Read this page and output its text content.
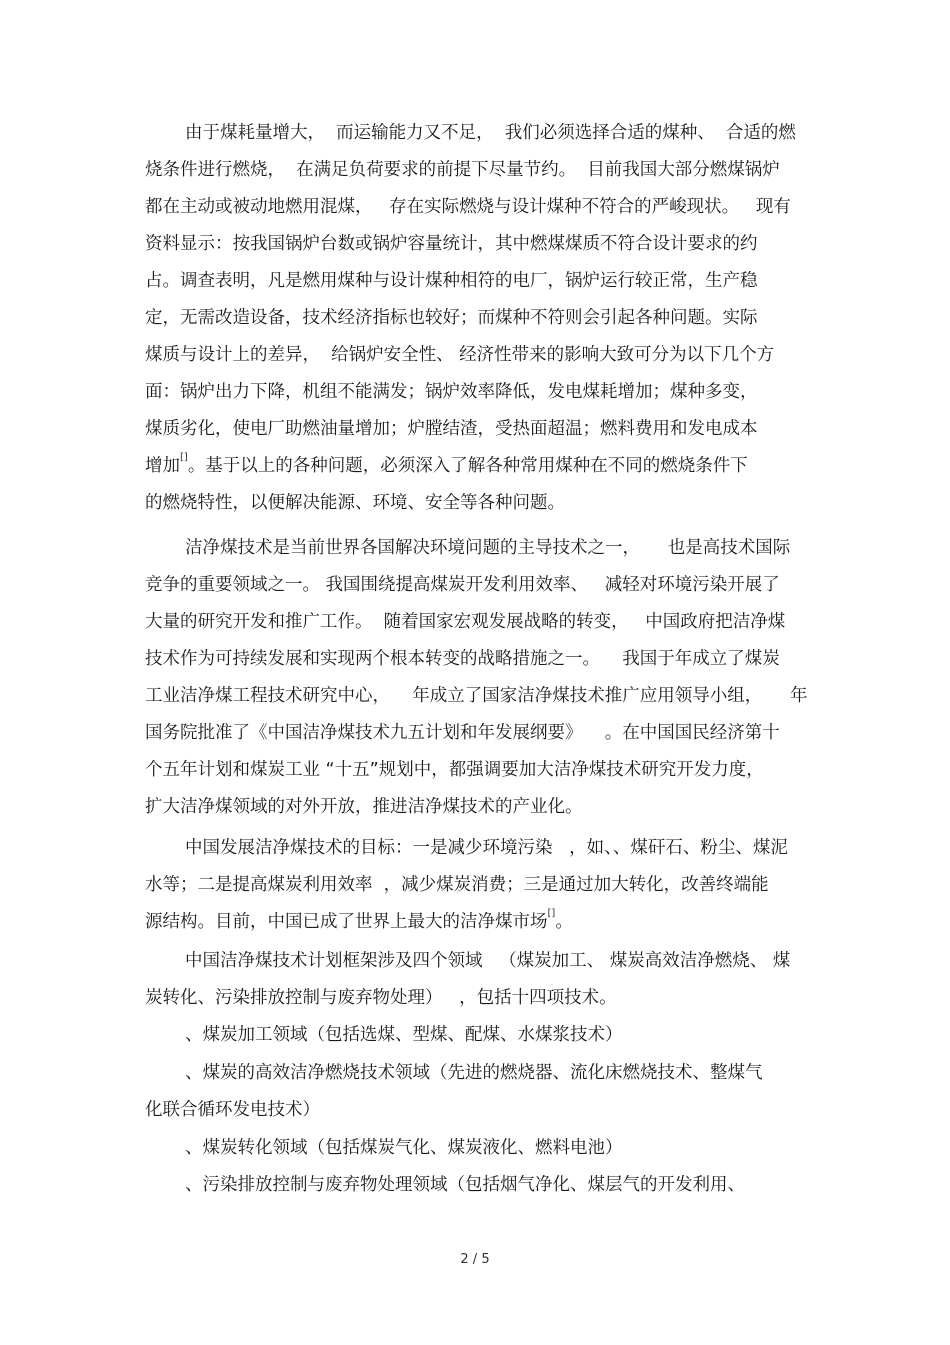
由于煤耗量增大，  而运输能力又不足，  我们必须选择合适的煤种、  合适的燃
烧条件进行燃烧，  在满足负荷要求的前提下尽量节约。  目前我国大部分燃煤锅炉
都在主动或被动地燃用混煤，   存在实际燃烧与设计煤种不符合的严峻现状。   现有
资料显示：按我国锅炉台数或锅炉容量统计，其中燃煤煤质不符合设计要求的约
占。调查表明，凡是燃用煤种与设计煤种相符的电厂，锅炉运行较正常，生产稳
定，无需改造设备，技术经济指标也较好；而煤种不符则会引起各种问题。实际
煤质与设计上的差异，  给锅炉安全性、 经济性带来的影响大致可分为以下几个方
面：锅炉出力下降，机组不能满发；锅炉效率降低，发电煤耗增加；煤种多变，
煤质劣化，使电厂助燃油量增加；炉膛结渣，受热面超温；燃料费用和发电成本
增加[]。基于以上的各种问题，必须深入了解各种常用煤种在不同的燃烧条件下
的燃烧特性，以便解决能源、环境、安全等各种问题。
洁净煤技术是当前世界各国解决环境问题的主导技术之一，     也是高技术国际
竞争的重要领域之一。 我国围绕提高煤炭开发利用效率、   减轻对环境污染开展了
大量的研究开发和推广工作。  随着国家宏观发展战略的转变，   中国政府把洁净煤
技术作为可持续发展和实现两个根本转变的战略措施之一。    我国于年成立了煤炭
工业洁净煤工程技术研究中心，    年成立了国家洁净煤技术推广应用领导小组，     年
国务院批准了《中国洁净煤技术九五计划和年发展纲要》    。在中国国民经济第十
个五年计划和煤炭工业 “十五”规划中，都强调要加大洁净煤技术研究开发力度，
扩大洁净煤领域的对外开放，推进洁净煤技术的产业化。
中国发展洁净煤技术的目标：一是减少环境污染   ，如、、煤矸石、粉尘、煤泥
水等；二是提高煤炭利用效率  ，减少煤炭消费；三是通过加大转化，改善终端能
源结构。目前，中国已成了世界上最大的洁净煤市场[]。
中国洁净煤技术计划框架涉及四个领域   （煤炭加工、 煤炭高效洁净燃烧、 煤
炭转化、污染排放控制与废弃物处理）   ，包括十四项技术。
、煤炭加工领域（包括选煤、型煤、配煤、水煤浆技术）
、煤炭的高效洁净燃烧技术领域（先进的燃烧器、流化床燃烧技术、整煤气
化联合循环发电技术）
、煤炭转化领域（包括煤炭气化、煤炭液化、燃料电池）
、污染排放控制与废弃物处理领域（包括烟气净化、煤层气的开发利用、
2 / 5
